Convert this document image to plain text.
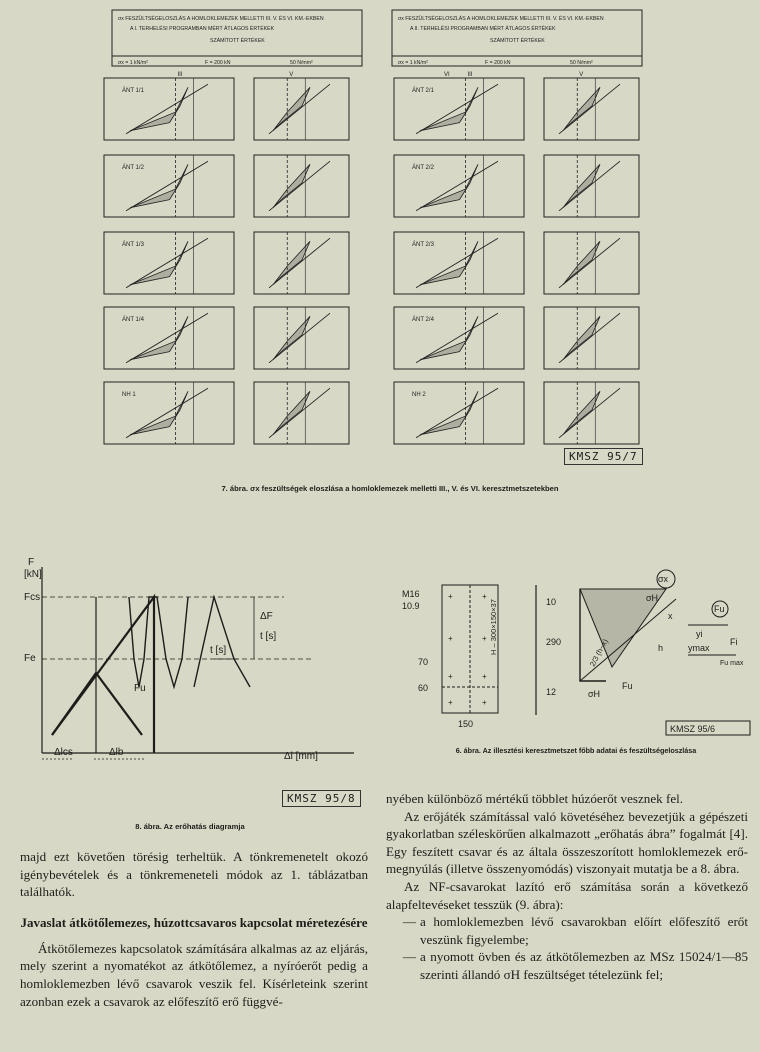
σx FESZÜLTSÉGELOSZLÁS A HOMLOKLEMEZEK MELLETTI III. V. ÉS VI. KM.-EKBEN
A I. TERHELÉSI PROGRAMBAN MÉRT ÁTLAGOS ÉRTÉKEK
SZÁMÍTOTT ÉRTÉKEK
σx = 1 kN/m²	F = 200 kN	50 N/mm²
σx FESZÜLTSÉGELOSZLÁS A HOMLOKLEMEZEK MELLETTI III. V. ÉS VI. KM.-EKBEN
A II. TERHELÉSI PROGRAMBAN MÉRT ÁTLAGOS ÉRTÉKEK
SZÁMÍTOTT ÉRTÉKEK
σx = 1 kN/m²	F = 200 kN	50 N/mm²
ÁNT 1/1
III	V
ÁNT 2/1
III	V
ÁNT 1/2	ÁNT 2/2
ÁNT 1/3	ÁNT 2/3
ÁNT 1/4	ÁNT 2/4
NH 1	NH 2
VI
KMSZ 95/7
7. ábra. σx feszültségek eloszlása a homloklemezek melletti III., V. és VI. keresztmetszetekben
F
[kN]
Fcs
Fe
Fu
ΔF
t [s]
t [s]
Δl [mm]
Δlcs	Δlb
KMSZ 95/8
8. ábra. Az erőhatás diagramja
+	+
+	+
+	+
+	+
M16
10.9	H – 300×150×37	10
290
12
150
70
60
σx
σH
σH
Fu
x
h
2/3 (h−x)
yi
ymax
Fu
Fi
Fu max
KMSZ 95/6
6. ábra. Az illesztési keresztmetszet főbb adatai és feszültségeloszlása

majd ezt követően törésig terheltük. A tönkremenetelt okozó igénybevételek és a tönkremeneteli módok az 1. táblázatban találhatók.

Javaslat átkötőlemezes, húzottcsavaros kapcsolat méretezésére

Átkötőlemezes kapcsolatok számítására alkalmas az az eljárás, mely szerint a nyomatékot az átkötőlemez, a nyíróerőt pedig a homloklemezben lévő csavarok veszik fel. Kísérleteink szerint azonban ezek a csavarok az előfeszítő erő függvé-

nyében különböző mértékű többlet húzóerőt vesznek fel.

Az erőjáték számítással való követéséhez bevezetjük a gépészeti gyakorlatban széleskörűen alkalmazott „erőhatás ábra” fogalmát [4]. Egy feszített csavar és az általa összeszorított homloklemezek erő-megnyúlás (illetve összenyomódás) viszonyait mutatja be a 8. ábra.

Az NF-csavarokat lazító erő számítása során a következő alapfeltevéseket tesszük (9. ábra):

— a homloklemezben lévő csavarokban előírt előfeszítő erőt veszünk figyelembe;
— a nyomott övben és az átkötőlemezben az MSz 15024/1—85 szerinti állandó σH feszültséget tételezünk fel;
